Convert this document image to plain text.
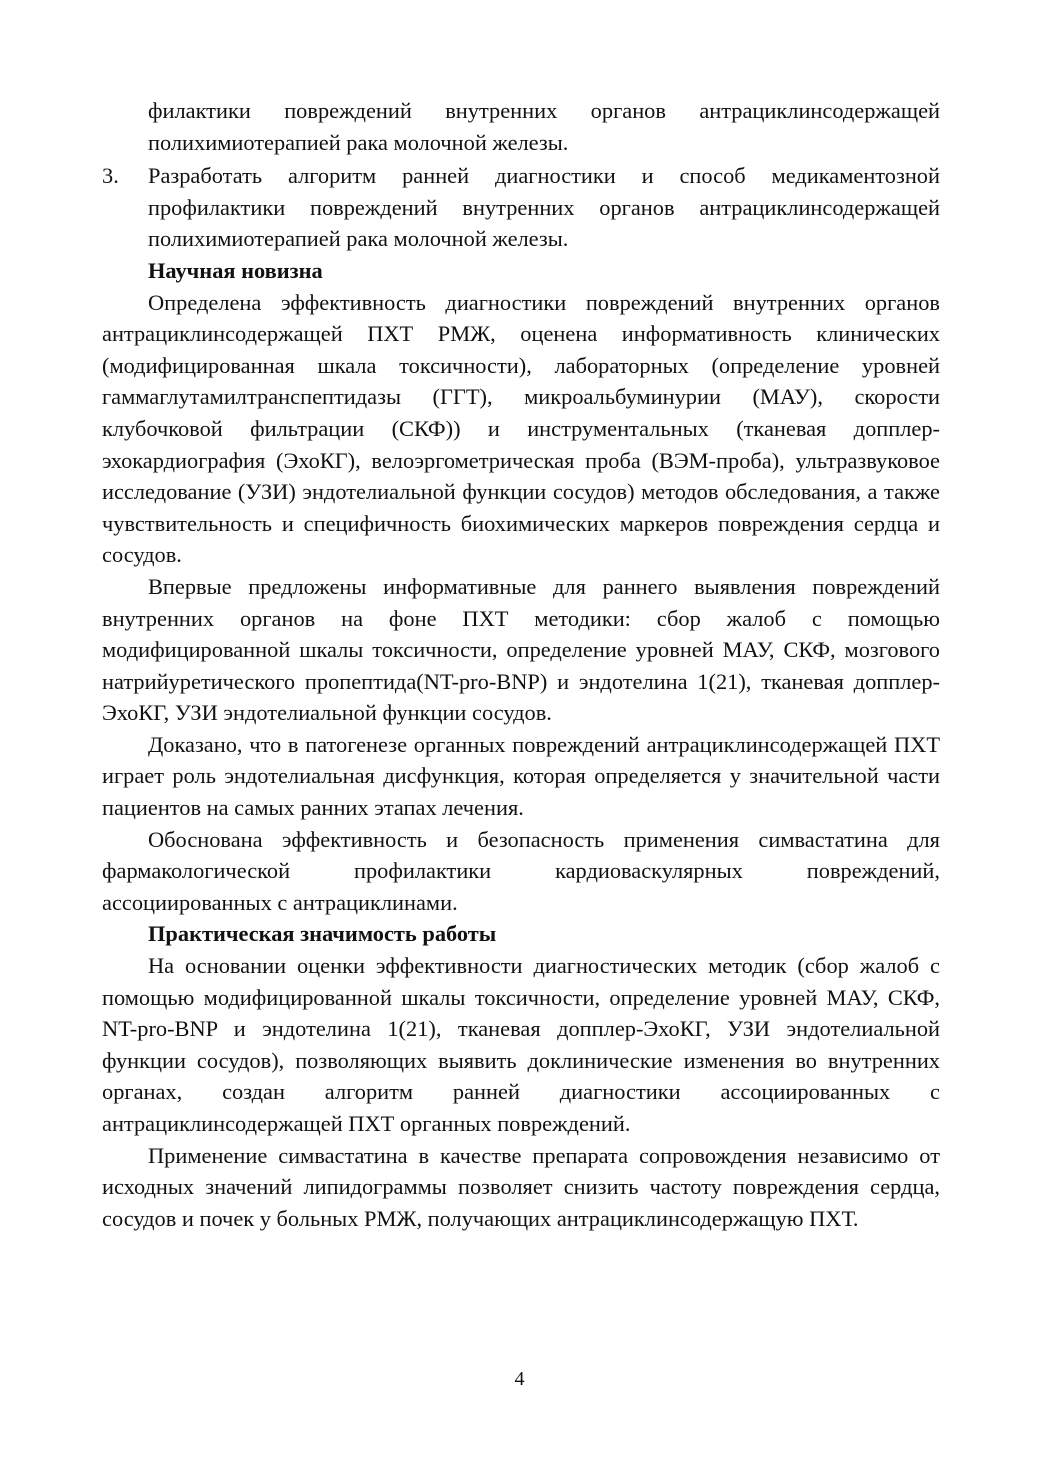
филактики повреждений внутренних органов антрациклинсодержащей полихимиотерапией рака молочной железы.

3. Разработать алгоритм ранней диагностики и способ медикаментозной профилактики повреждений внутренних органов антрациклинсодержащей полихимиотерапией рака молочной железы.

Научная новизна

Определена эффективность диагностики повреждений внутренних органов антрациклинсодержащей ПХТ РМЖ, оценена информативность клинических (модифицированная шкала токсичности), лабораторных (определение уровней гаммаглутамилтранспептидазы (ГГТ), микроальбуминурии (МАУ), скорости клубочковой фильтрации (СКФ)) и инструментальных (тканевая допплер-эхокардиография (ЭхоКГ), велоэргометрическая проба (ВЭМ-проба), ультразвуковое исследование (УЗИ) эндотелиальной функции сосудов) методов обследования, а также чувствительность и специфичность биохимических маркеров повреждения сердца и сосудов.

Впервые предложены информативные для раннего выявления повреждений внутренних органов на фоне ПХТ методики: сбор жалоб с помощью модифицированной шкалы токсичности, определение уровней МАУ, СКФ, мозгового натрийуретического пропептида(NT-pro-BNP) и эндотелина 1(21), тканевая допплер-ЭхоКГ, УЗИ эндотелиальной функции сосудов.

Доказано, что в патогенезе органных повреждений антрациклинсодержащей ПХТ играет роль эндотелиальная дисфункция, которая определяется у значительной части пациентов на самых ранних этапах лечения.

Обоснована эффективность и безопасность применения симвастатина для фармакологической профилактики кардиоваскулярных повреждений, ассоциированных с антрациклинами.

Практическая значимость работы

На основании оценки эффективности диагностических методик (сбор жалоб с помощью модифицированной шкалы токсичности, определение уровней МАУ, СКФ, NT-pro-BNP и эндотелина 1(21), тканевая допплер-ЭхоКГ, УЗИ эндотелиальной функции сосудов), позволяющих выявить доклинические изменения во внутренних органах, создан алгоритм ранней диагностики ассоциированных с антрациклинсодержащей ПХТ органных повреждений.

Применение симвастатина в качестве препарата сопровождения независимо от исходных значений липидограммы позволяет снизить частоту повреждения сердца, сосудов и почек у больных РМЖ, получающих антрациклинсодержащую ПХТ.

4
